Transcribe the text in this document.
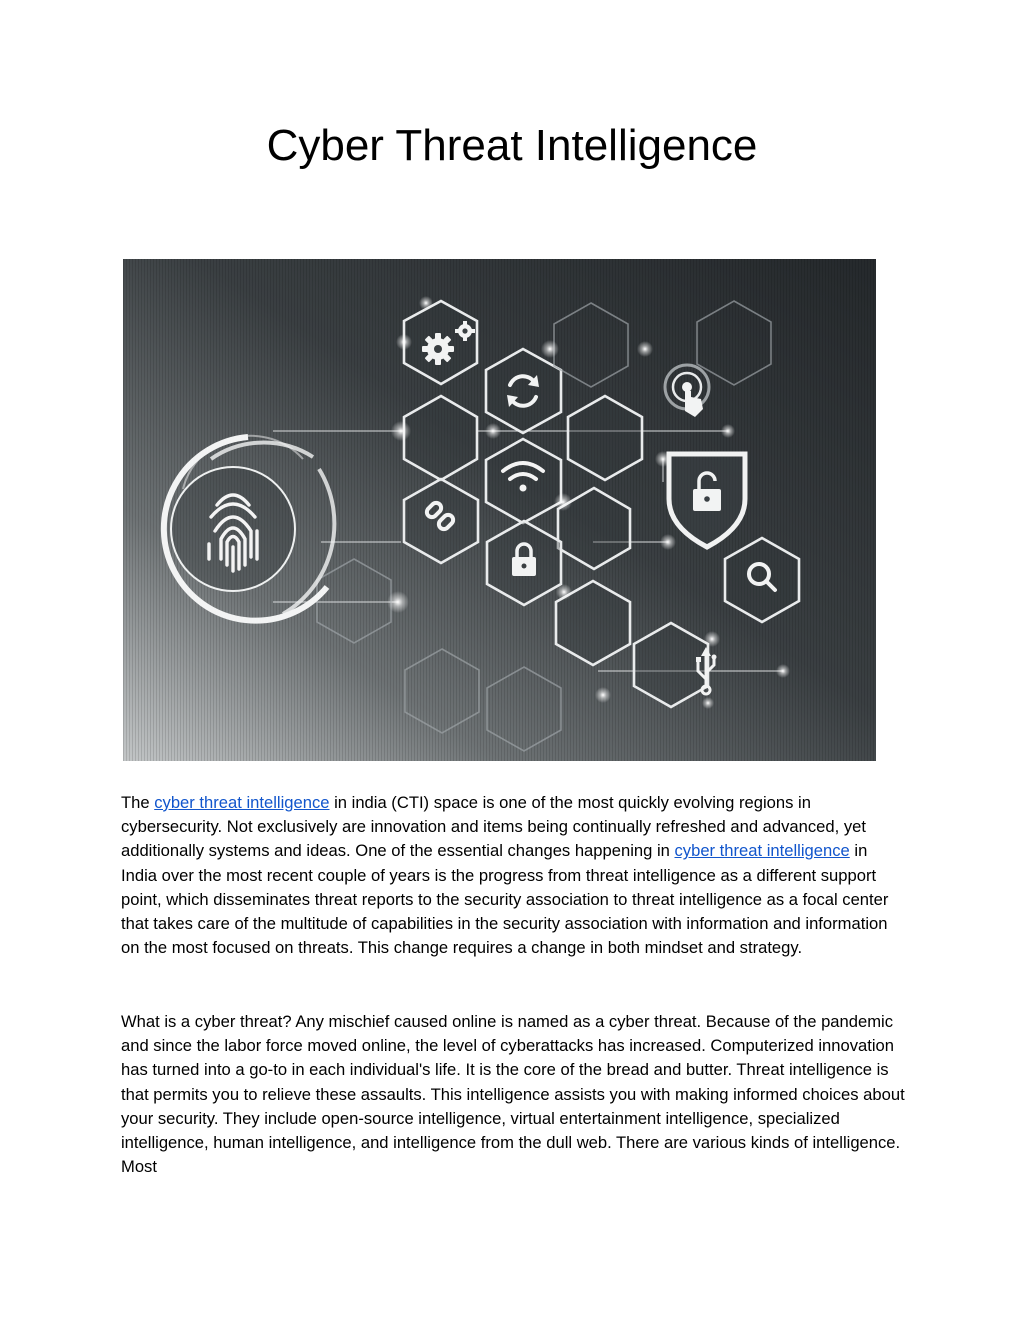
Cyber Threat Intelligence

The cyber threat intelligence in india (CTI) space is one of the most quickly evolving regions in cybersecurity. Not exclusively are innovation and items being continually refreshed and advanced, yet additionally systems and ideas. One of the essential changes happening in cyber threat intelligence in India over the most recent couple of years is the progress from threat intelligence as a different support point, which disseminates threat reports to the security association to threat intelligence as a focal center that takes care of the multitude of capabilities in the security association with information and information on the most focused on threats. This change requires a change in both mindset and strategy.

What is a cyber threat? Any mischief caused online is named as a cyber threat. Because of the pandemic and since the labor force moved online, the level of cyberattacks has increased. Computerized innovation has turned into a go-to in each individual's life. It is the core of the bread and butter. Threat intelligence is that permits you to relieve these assaults. This intelligence assists you with making informed choices about your security. They include open-source intelligence, virtual entertainment intelligence, specialized intelligence, human intelligence, and intelligence from the dull web. There are various kinds of intelligence. Most
